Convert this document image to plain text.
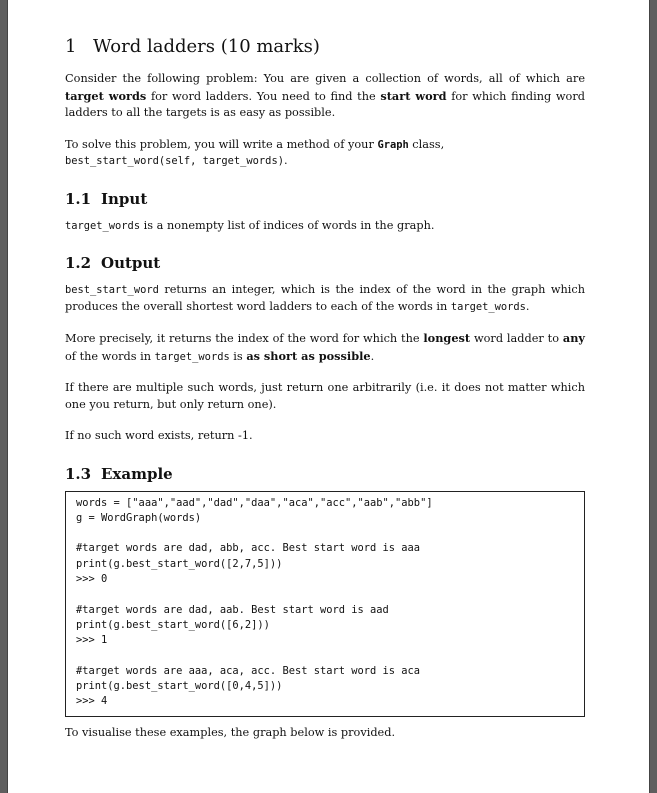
1 Word ladders (10 marks)

Consider the following problem: You are given a collection of words, all of which are target words for word ladders. You need to find the start word for which finding word ladders to all the targets is as easy as possible.

To solve this problem, you will write a method of your Graph class,
best_start_word(self, target_words).

1.1 Input

target_words is a nonempty list of indices of words in the graph.

1.2 Output

best_start_word returns an integer, which is the index of the word in the graph which produces the overall shortest word ladders to each of the words in target_words.

More precisely, it returns the index of the word for which the longest word ladder to any of the words in target_words is as short as possible.

If there are multiple such words, just return one arbitrarily (i.e. it does not matter which one you return, but only return one).

If no such word exists, return -1.

1.3 Example
words = ["aaa","aad","dad","daa","aca","acc","aab","abb"]
g = WordGraph(words)

#target words are dad, abb, acc. Best start word is aaa
print(g.best_start_word([2,7,5]))
>>> 0

#target words are dad, aab. Best start word is aad
print(g.best_start_word([6,2]))
>>> 1

#target words are aaa, aca, acc. Best start word is aca
print(g.best_start_word([0,4,5]))
>>> 4

To visualise these examples, the graph below is provided.
